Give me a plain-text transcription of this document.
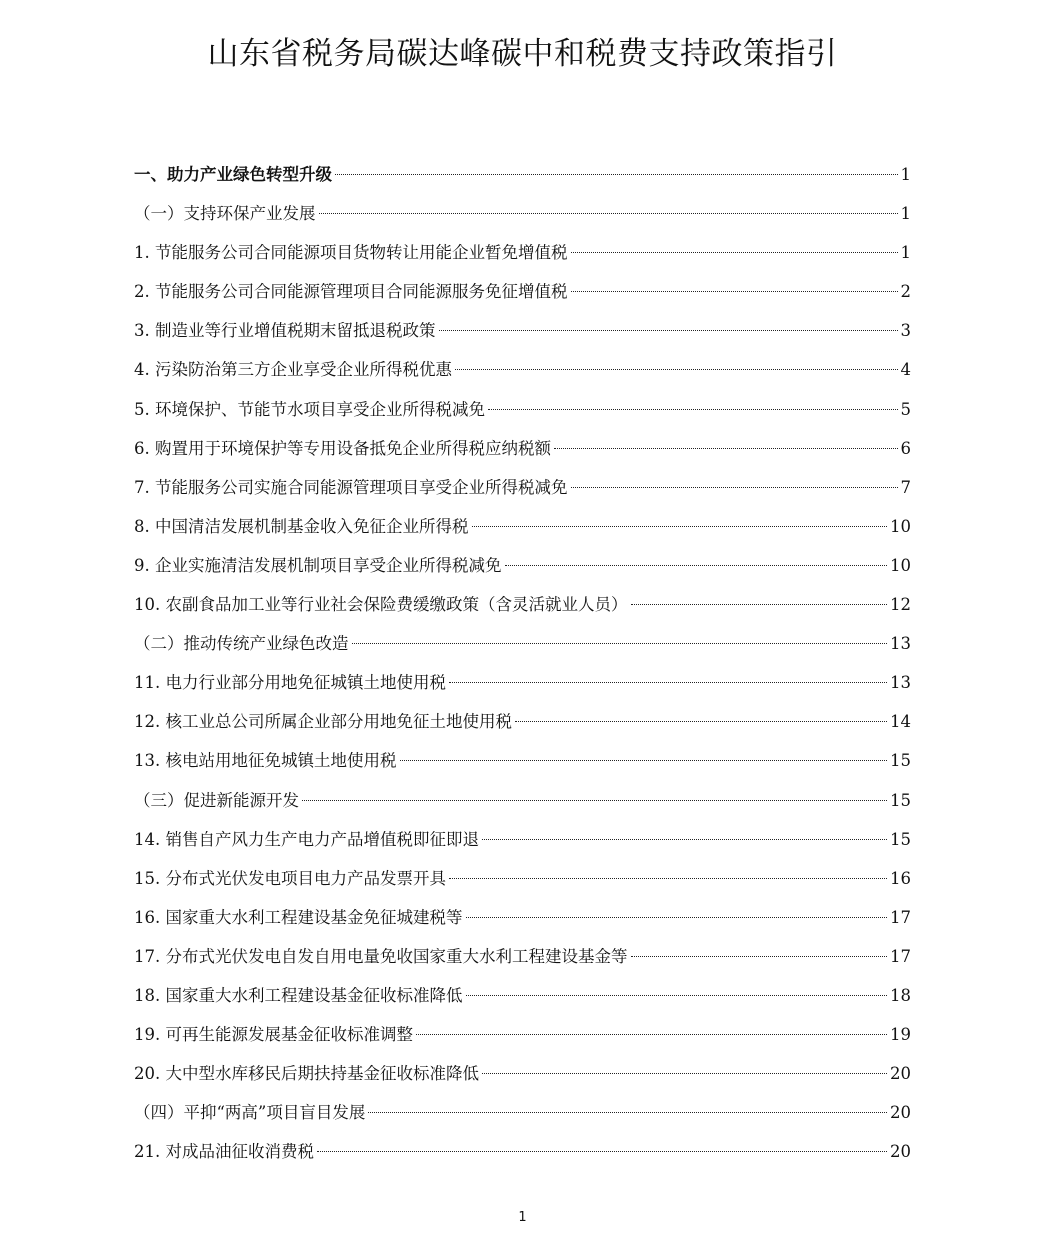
山东省税务局碳达峰碳中和税费支持政策指引
一、助力产业绿色转型升级	1
（一）支持环保产业发展	1
1. 节能服务公司合同能源项目货物转让用能企业暂免增值税	1
2. 节能服务公司合同能源管理项目合同能源服务免征增值税	2
3. 制造业等行业增值税期末留抵退税政策	3
4. 污染防治第三方企业享受企业所得税优惠	4
5. 环境保护、节能节水项目享受企业所得税减免	5
6. 购置用于环境保护等专用设备抵免企业所得税应纳税额	6
7. 节能服务公司实施合同能源管理项目享受企业所得税减免	7
8. 中国清洁发展机制基金收入免征企业所得税	10
9. 企业实施清洁发展机制项目享受企业所得税减免	10
10. 农副食品加工业等行业社会保险费缓缴政策（含灵活就业人员）	12
（二）推动传统产业绿色改造	13
11. 电力行业部分用地免征城镇土地使用税	13
12. 核工业总公司所属企业部分用地免征土地使用税	14
13. 核电站用地征免城镇土地使用税	15
（三）促进新能源开发	15
14. 销售自产风力生产电力产品增值税即征即退	15
15. 分布式光伏发电项目电力产品发票开具	16
16. 国家重大水利工程建设基金免征城建税等	17
17. 分布式光伏发电自发自用电量免收国家重大水利工程建设基金等	17
18. 国家重大水利工程建设基金征收标准降低	18
19. 可再生能源发展基金征收标准调整	19
20. 大中型水库移民后期扶持基金征收标准降低	20
（四）平抑“两高”项目盲目发展	20
21. 对成品油征收消费税	20
1
